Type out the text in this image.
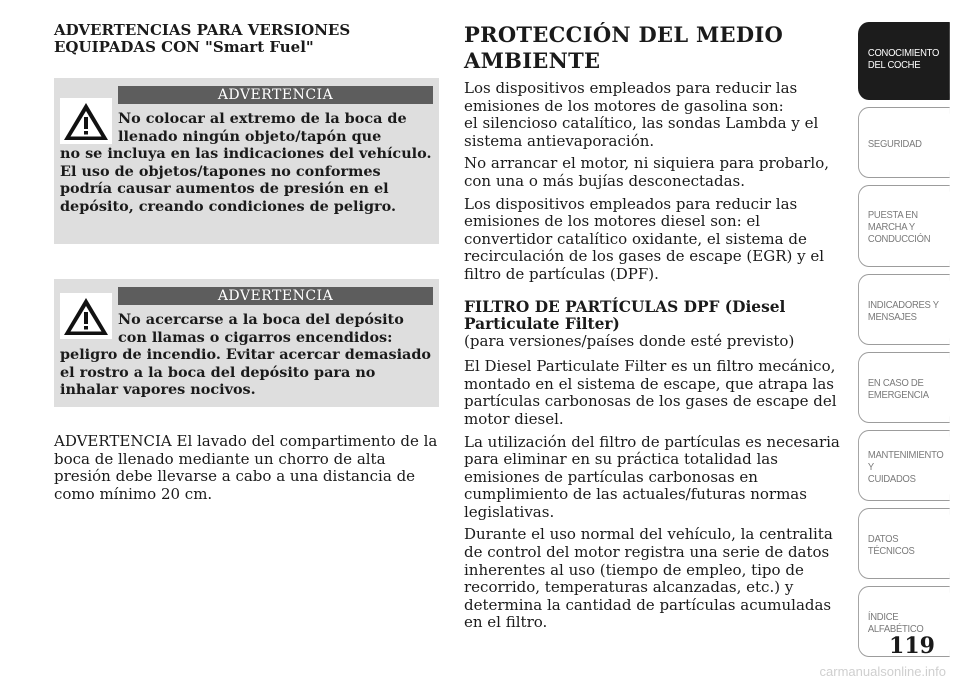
ADVERTENCIAS PARA VERSIONES
EQUIPADAS CON "Smart Fuel"
ADVERTENCIA
No colocar al extremo de la boca de llenado ningún objeto/tapón que
no se incluya en las indicaciones del vehículo. El uso de objetos/tapones no conformes podría causar aumentos de presión en el depósito, creando condiciones de peligro.
ADVERTENCIA
No acercarse a la boca del depósito con llamas o cigarros encendidos:
peligro de incendio. Evitar acercar demasiado el rostro a la boca del depósito para no inhalar vapores nocivos.

ADVERTENCIA El lavado del compartimento de la boca de llenado mediante un chorro de alta presión debe llevarse a cabo a una distancia de como mínimo 20 cm.

PROTECCIÓN DEL MEDIO AMBIENTE

Los dispositivos empleados para reducir las emisiones de los motores de gasolina son:
el silencioso catalítico, las sondas Lambda y el sistema antievaporación.

No arrancar el motor, ni siquiera para probarlo, con una o más bujías desconectadas.

Los dispositivos empleados para reducir las emisiones de los motores diesel son: el convertidor catalítico oxidante, el sistema de recirculación de los gases de escape (EGR) y el filtro de partículas (DPF).

FILTRO DE PARTÍCULAS DPF (Diesel Particulate Filter)

(para versiones/países donde esté previsto)

El Diesel Particulate Filter es un filtro mecánico, montado en el sistema de escape, que atrapa las partículas carbonosas de los gases de escape del motor diesel.

La utilización del filtro de partículas es necesaria para eliminar en su práctica totalidad las emisiones de partículas carbonosas en cumplimiento de las actuales/futuras normas legislativas.

Durante el uso normal del vehículo, la centralita de control del motor registra una serie de datos inherentes al uso (tiempo de empleo, tipo de recorrido, temperaturas alcanzadas, etc.) y determina la cantidad de partículas acumuladas en el filtro.

CONOCIMIENTO
DEL COCHE
SEGURIDAD
PUESTA EN
MARCHA Y
CONDUCCIÓN
INDICADORES Y
MENSAJES
EN CASO DE
EMERGENCIA
MANTENIMIENTO Y
CUIDADOS
DATOS TÉCNICOS
ÍNDICE
ALFABÉTICO
119
carmanualsonline.info
